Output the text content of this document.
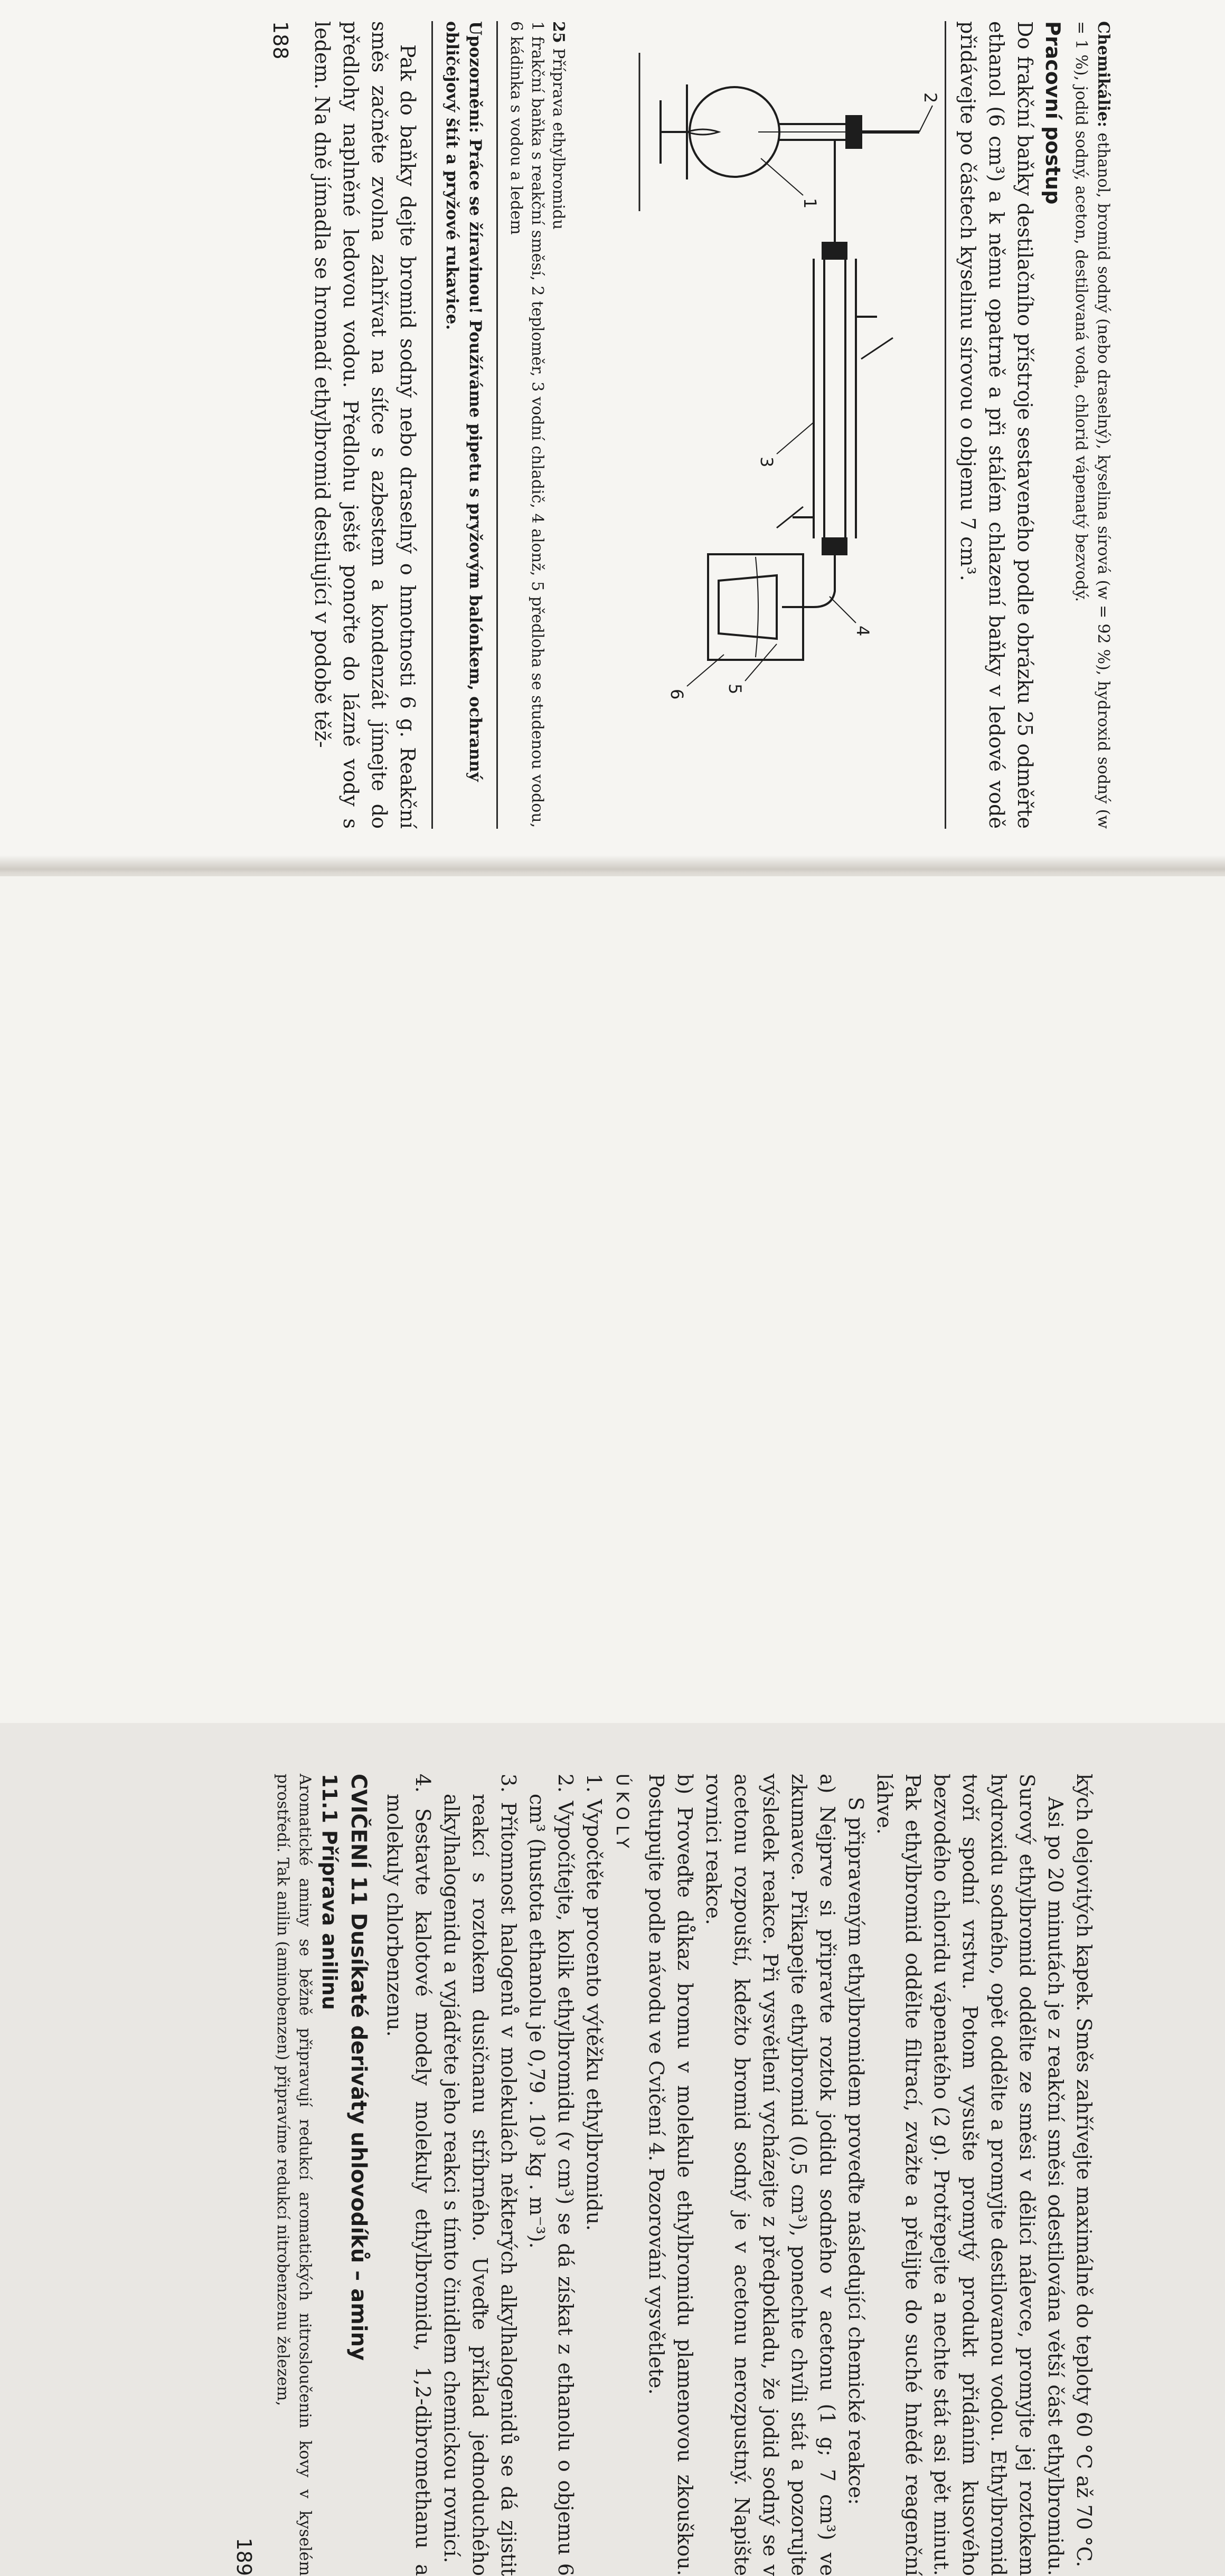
Chemikálie: ethanol, bromid sodný (nebo draselný), kyselina sírová (w = 92 %), hydroxid sodný (w = 1 %), jodid sodný, aceton, destilovaná voda, chlorid vápenatý bezvodý.

Pracovní postup

Do frakční baňky destilačního přístroje sestaveného podle obrázku 25 odměřte ethanol (6 cm³) a k němu opatrně a při stálém chlazení baňky v ledové vodě přidávejte po částech kyselinu sírovou o objemu 7 cm³.

1
2
3
4
5
6

25 Příprava ethylbromidu
1 frakční baňka s reakční směsí, 2 teploměr, 3 vodní chladič, 4 alonž, 5 předloha se studenou vodou, 6 kádinka s vodou a ledem

Upozornění: Práce se žíravinou! Používáme pipetu s pryžovým balónkem, ochranný obličejový štít a pryžové rukavice.

Pak do baňky dejte bromid sodný nebo draselný o hmotnosti 6 g. Reakční směs začněte zvolna zahřívat na síťce s azbestem a kondenzát jímejte do předlohy naplněné ledovou vodou. Předlohu ještě ponořte do lázně vody s ledem. Na dně jímadla se hromadí ethylbromid destilující v podobě těž-

188

kých olejovitých kapek. Směs zahřívejte maximálně do teploty 60 °C až 70 °C.

Asi po 20 minutách je z reakční směsi odestilována větší část ethylbromidu. Surový ethylbromid oddělte ze směsi v dělicí nálevce, promyjte jej roztokem hydroxidu sodného, opět oddělte a promyjte destilovanou vodou. Ethylbromid tvoří spodní vrstvu. Potom vysušte promytý produkt přidáním kusového bezvodého chloridu vápenatého (2 g). Protřepejte a nechte stát asi pět minut. Pak ethylbromid oddělte filtrací, zvažte a přelijte do suché hnědé reagenční láhve.

S připraveným ethylbromidem proveďte následující chemické reakce:

a) Nejprve si připravte roztok jodidu sodného v acetonu (1 g; 7 cm³) ve zkumavce. Přikapejte ethylbromid (0,5 cm³), ponechte chvíli stát a pozorujte výsledek reakce. Při vysvětlení vycházejte z předpokladu, že jodid sodný se v acetonu rozpouští, kdežto bromid sodný je v acetonu nerozpustný. Napište rovnici reakce.

b) Proveďte důkaz bromu v molekule ethylbromidu plamenovou zkouškou. Postupujte podle návodu ve Cvičení 4. Pozorování vysvětlete.

ÚKOLY

1. Vypočtěte procento výtěžku ethylbromidu.

2. Vypočítejte, kolik ethylbromidu (v cm³) se dá získat z ethanolu o objemu 6 cm³ (hustota ethanolu je 0,79 . 10³ kg . m⁻³).

3. Přítomnost halogenů v molekulách některých alkylhalogenidů se dá zjistit reakcí s roztokem dusičnanu stříbrného. Uveďte příklad jednoduchého alkylhalogenidu a vyjádřete jeho reakci s tímto činidlem chemickou rovnicí.

4. Sestavte kalotové modely molekuly ethylbromidu, 1,2-dibromethanu a molekuly chlorbenzenu.

CVIČENÍ 11 Dusíkaté deriváty uhlovodíků – aminy
11.1 Příprava anilinu

Aromatické aminy se běžně připravují redukcí aromatických nitrosloučenin kovy v kyselém prostředí. Tak anilin (aminobenzen) připravíme redukcí nitrobenzenu železem,

189
